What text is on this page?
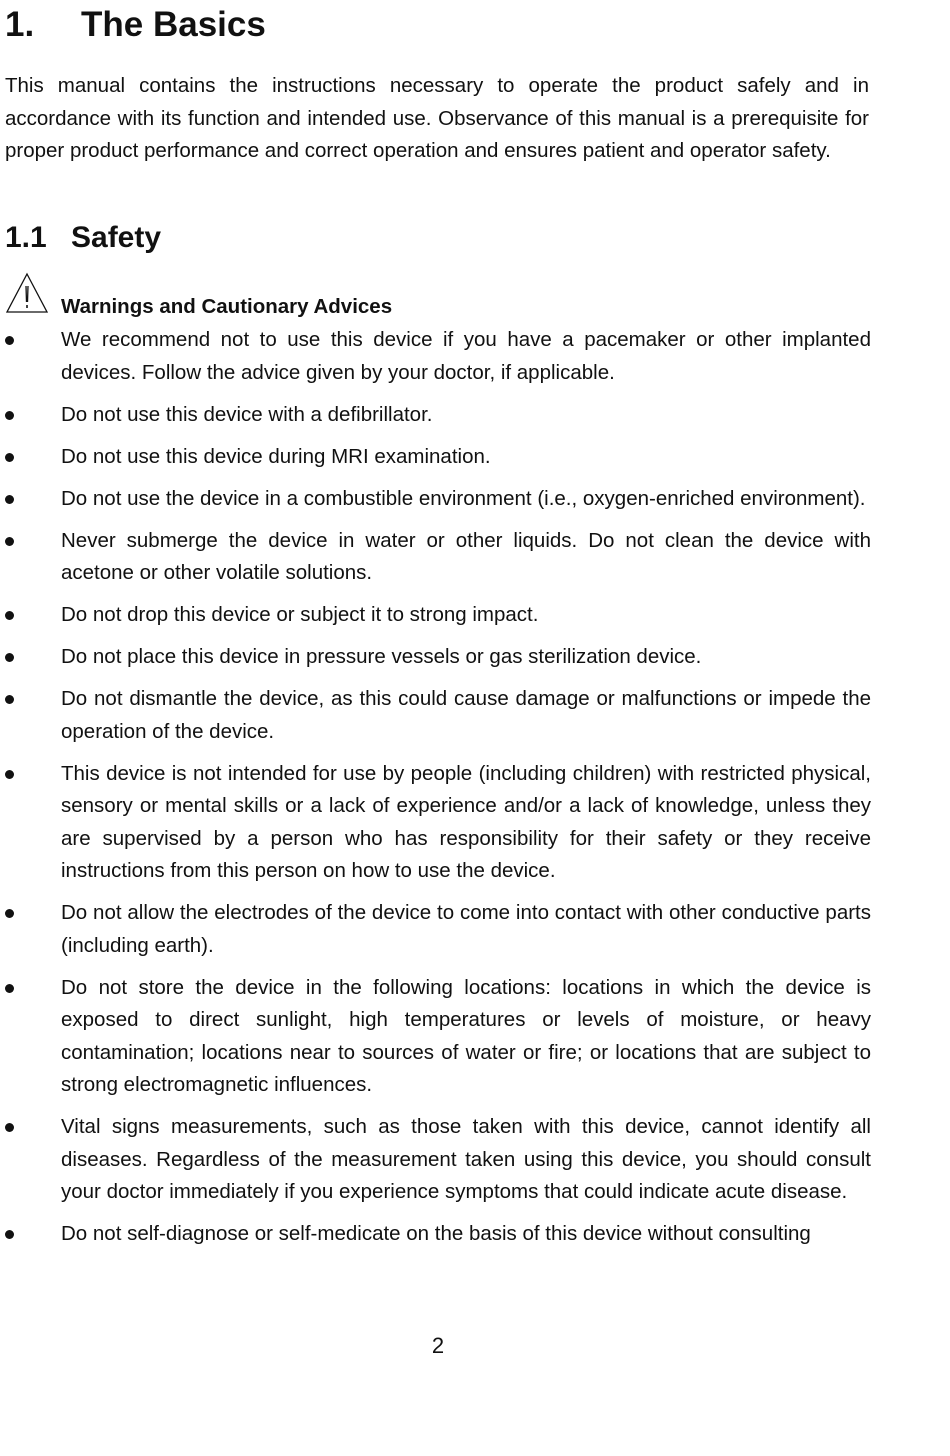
1. The Basics

This manual contains the instructions necessary to operate the product safely and in accordance with its function and intended use. Observance of this manual is a prerequisite for proper product performance and correct operation and ensures patient and operator safety.

1.1 Safety
Warnings and Cautionary Advices
We recommend not to use this device if you have a pacemaker or other implanted devices. Follow the advice given by your doctor, if applicable.
Do not use this device with a defibrillator.
Do not use this device during MRI examination.
Do not use the device in a combustible environment (i.e., oxygen-enriched environment).
Never submerge the device in water or other liquids. Do not clean the device with acetone or other volatile solutions.
Do not drop this device or subject it to strong impact.
Do not place this device in pressure vessels or gas sterilization device.
Do not dismantle the device, as this could cause damage or malfunctions or impede the operation of the device.
This device is not intended for use by people (including children) with restricted physical, sensory or mental skills or a lack of experience and/or a lack of knowledge, unless they are supervised by a person who has responsibility for their safety or they receive instructions from this person on how to use the device.
Do not allow the electrodes of the device to come into contact with other conductive parts (including earth).
Do not store the device in the following locations: locations in which the device is exposed to direct sunlight, high temperatures or levels of moisture, or heavy contamination; locations near to sources of water or fire; or locations that are subject to strong electromagnetic influences.
Vital signs measurements, such as those taken with this device, cannot identify all diseases. Regardless of the measurement taken using this device, you should consult your doctor immediately if you experience symptoms that could indicate acute disease.
Do not self-diagnose or self-medicate on the basis of this device without consulting
2
